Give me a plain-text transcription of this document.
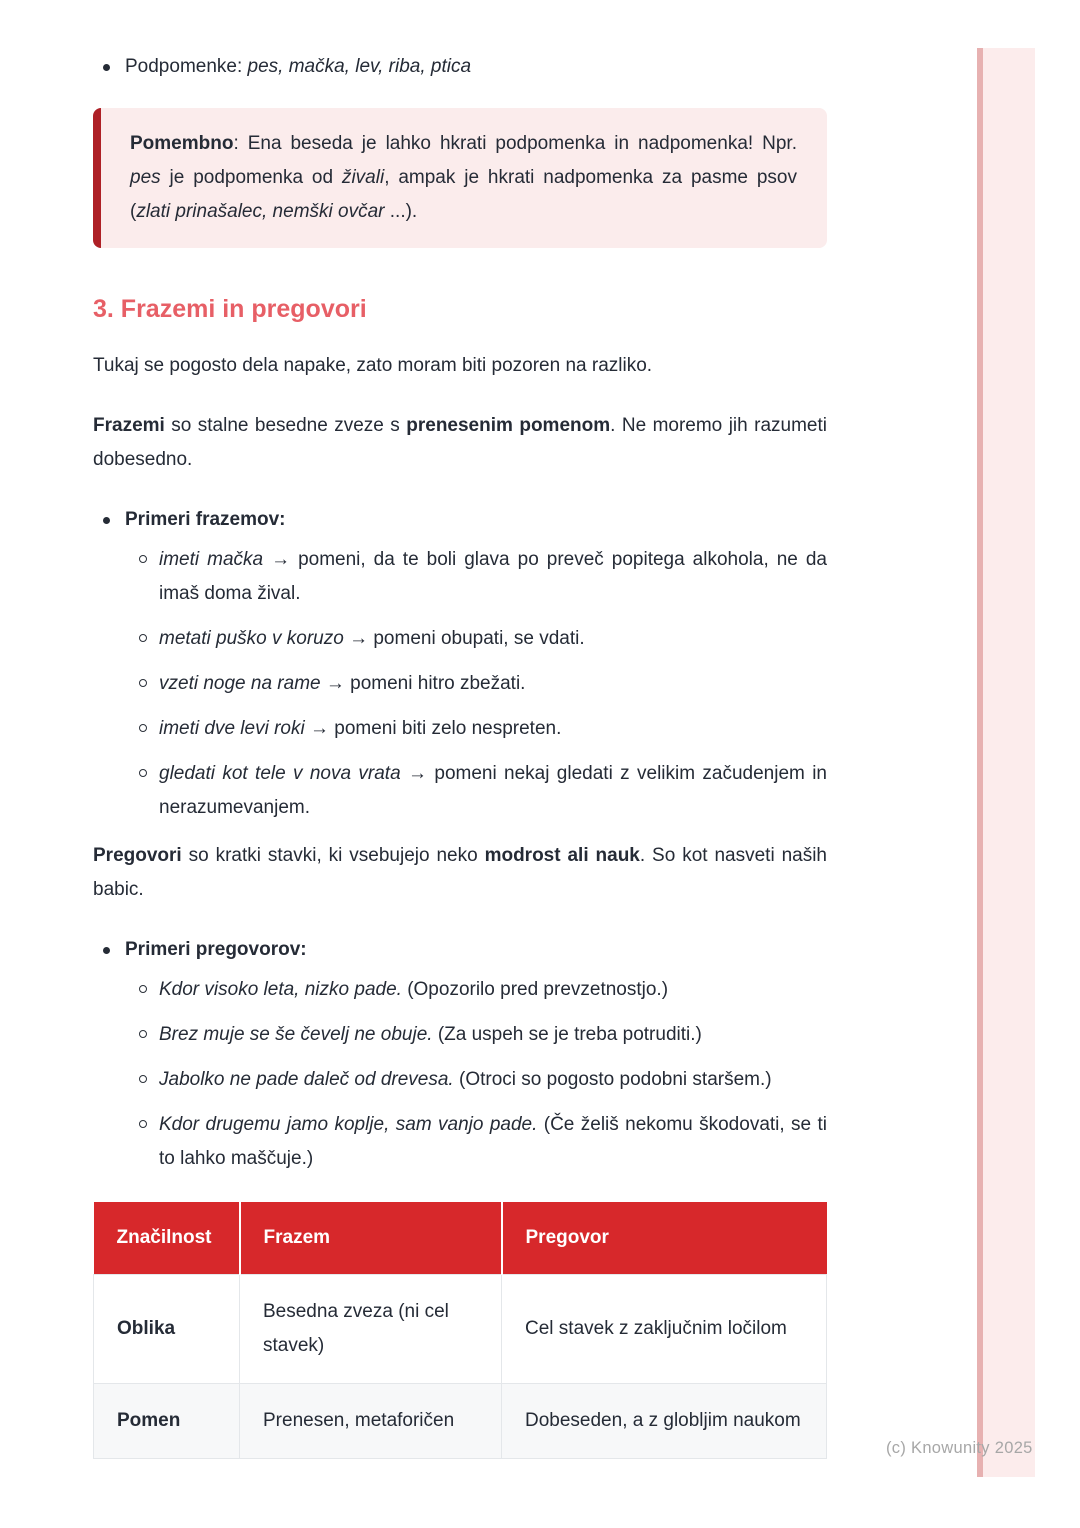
Podpomenke: pes, mačka, lev, riba, ptica
Pomembno: Ena beseda je lahko hkrati podpomenka in nadpomenka! Npr. pes je podpomenka od živali, ampak je hkrati nadpomenka za pasme psov (zlati prinašalec, nemški ovčar ...).
3. Frazemi in pregovori

Tukaj se pogosto dela napake, zato moram biti pozoren na razliko.

Frazemi so stalne besedne zveze s prenesenim pomenom. Ne moremo jih razumeti dobesedno.

Primeri frazemov:
imeti mačka → pomeni, da te boli glava po preveč popitega alkohola, ne da imaš doma žival.
metati puško v koruzo → pomeni obupati, se vdati.
vzeti noge na rame → pomeni hitro zbežati.
imeti dve levi roki → pomeni biti zelo nespreten.
gledati kot tele v nova vrata → pomeni nekaj gledati z velikim začudenjem in nerazumevanjem.

Pregovori so kratki stavki, ki vsebujejo neko modrost ali nauk. So kot nasveti naših babic.

Primeri pregovorov:
Kdor visoko leta, nizko pade. (Opozorilo pred prevzetnostjo.)
Brez muje se še čevelj ne obuje. (Za uspeh se je treba potruditi.)
Jabolko ne pade daleč od drevesa. (Otroci so pogosto podobni staršem.)
Kdor drugemu jamo koplje, sam vanjo pade. (Če želiš nekomu škodovati, se ti to lahko maščuje.)
Značilnost	Frazem	Pregovor
Oblika	Besedna zveza (ni cel stavek)	Cel stavek z zaključnim ločilom
Pomen	Prenesen, metaforičen	Dobeseden, a z globljim naukom
(c) Knowunity 2025
